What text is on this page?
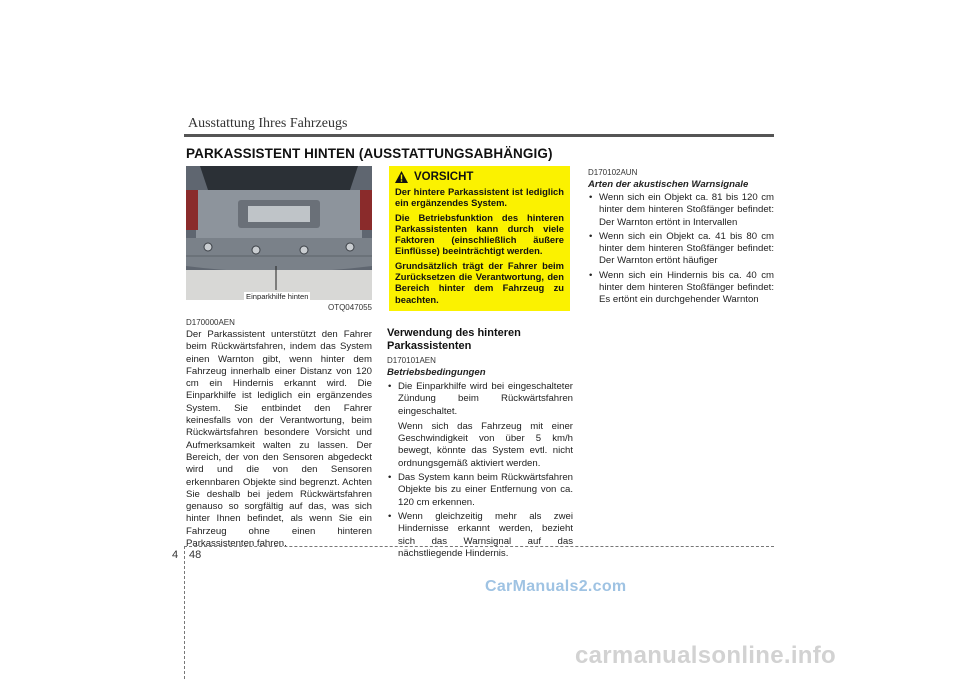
Ausstattung Ihres Fahrzeugs
PARKASSISTENT HINTEN (AUSSTATTUNGSABHÄNGIG)
Einparkhilfe hinten
OTQ047055
D170000AEN
Der Parkassistent unterstützt den Fahrer beim Rückwärtsfahren, indem das System einen Warnton gibt, wenn hinter dem Fahrzeug innerhalb einer Distanz von 120 cm ein Hindernis erkannt wird. Die Einparkhilfe ist lediglich ein ergänzendes System. Sie entbindet den Fahrer keinesfalls von der Verantwortung, beim Rückwärtsfahren besondere Vorsicht und Aufmerksamkeit walten zu lassen. Der Bereich, der von den Sensoren abgedeckt wird und die von den Sensoren erkennbaren Objekte sind begrenzt. Achten Sie deshalb bei jedem Rückwärtsfahren genauso so sorgfältig auf das, was sich hinter Ihnen befindet, als wenn Sie ein Fahrzeug ohne einen hinteren Parkassistenten fahren.
VORSICHT

Der hintere Parkassistent ist lediglich ein ergänzendes System.

Die Betriebsfunktion des hinteren Parkassistenten kann durch viele Faktoren (einschließlich äußere Einflüsse) beeinträchtigt werden.

Grundsätzlich trägt der Fahrer beim Zurücksetzen die Verantwortung, den Bereich hinter dem Fahrzeug zu beachten.

Verwendung des hinteren Parkassistenten
D170101AEN
Betriebsbedingungen
• Die Einparkhilfe wird bei eingeschalteter Zündung beim Rückwärtsfahren eingeschaltet.
Wenn sich das Fahrzeug mit einer Geschwindigkeit von über 5 km/h bewegt, könnte das System evtl. nicht ordnungsgemäß aktiviert werden.
• Das System kann beim Rückwärtsfahren Objekte bis zu einer Entfernung von ca. 120 cm erkennen.
• Wenn gleichzeitig mehr als zwei Hindernisse erkannt werden, bezieht sich das Warnsignal auf das nächstliegende Hindernis.
D170102AUN
Arten der akustischen Warnsignale
• Wenn sich ein Objekt ca. 81 bis 120 cm hinter dem hinteren Stoßfänger befindet: Der Warnton ertönt in Intervallen
• Wenn sich ein Objekt ca. 41 bis 80 cm hinter dem hinteren Stoßfänger befindet: Der Warnton ertönt häufiger
• Wenn sich ein Hindernis bis ca. 40 cm hinter dem hinteren Stoßfänger befindet: Es ertönt ein durchgehender Warnton
4 48
CarManuals2.com
carmanualsonline.info
